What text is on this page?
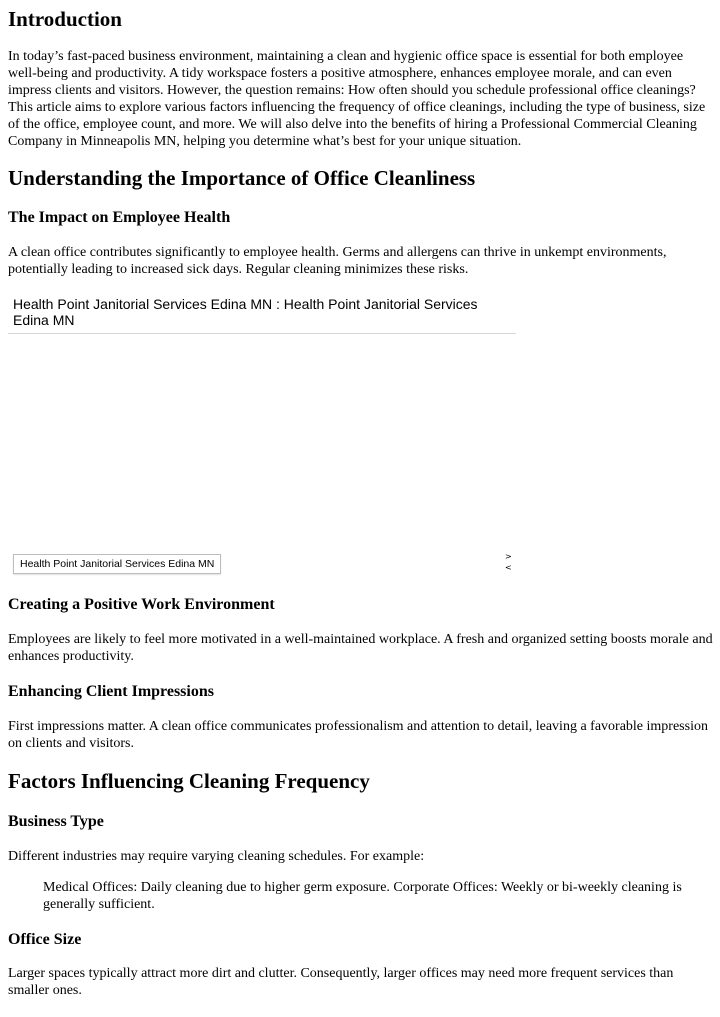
Introduction

In today’s fast-paced business environment, maintaining a clean and hygienic office space is essential for both employee well-being and productivity. A tidy workspace fosters a positive atmosphere, enhances employee morale, and can even impress clients and visitors. However, the question remains: How often should you schedule professional office cleanings? This article aims to explore various factors influencing the frequency of office cleanings, including the type of business, size of the office, employee count, and more. We will also delve into the benefits of hiring a Professional Commercial Cleaning Company in Minneapolis MN, helping you determine what’s best for your unique situation.

Understanding the Importance of Office Cleanliness
The Impact on Employee Health

A clean office contributes significantly to employee health. Germs and allergens can thrive in unkempt environments, potentially leading to increased sick days. Regular cleaning minimizes these risks.

Health Point Janitorial Services Edina MN : Health Point Janitorial Services Edina MN
Health Point Janitorial Services Edina MN
>
<
Creating a Positive Work Environment

Employees are likely to feel more motivated in a well-maintained workplace. A fresh and organized setting boosts morale and enhances productivity.

Enhancing Client Impressions

First impressions matter. A clean office communicates professionalism and attention to detail, leaving a favorable impression on clients and visitors.

Factors Influencing Cleaning Frequency
Business Type

Different industries may require varying cleaning schedules. For example:

Medical Offices: Daily cleaning due to higher germ exposure. Corporate Offices: Weekly or bi-weekly cleaning is generally sufficient.
Office Size

Larger spaces typically attract more dirt and clutter. Consequently, larger offices may need more frequent services than smaller ones.
